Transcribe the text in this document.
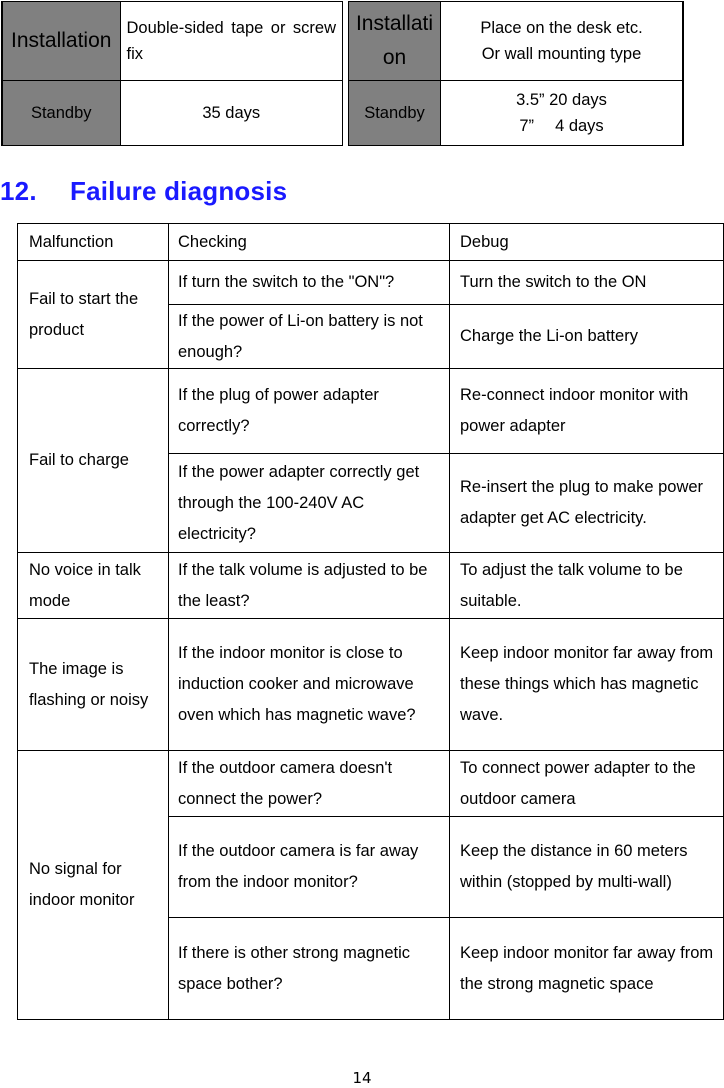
Installation	Double-sided tape or screw fix

Standby	35 days
Installation	Place on the desk etc.
Or wall mounting type

Standby	3.5” 20 days
7”　 4 days
12. Failure diagnosis
Malfunction	Checking	Debug
Fail to start the product	If turn the switch to the "ON"?	Turn the switch to the ON
	If the power of Li-on battery is not enough?	Charge the Li-on battery
Fail to charge	If the plug of power adapter correctly?	Re-connect indoor monitor with power adapter
	If the power adapter correctly get through the 100-240V AC electricity?	Re-insert the plug to make power adapter get AC electricity.
No voice in talk mode	If the talk volume is adjusted to be the least?	To adjust the talk volume to be suitable.
The image is flashing or noisy	If the indoor monitor is close to induction cooker and microwave oven which has magnetic wave?	Keep indoor monitor far away from these things which has magnetic wave.
No signal for indoor monitor	If the outdoor camera doesn't connect the power?	To connect power adapter to the outdoor camera
	If the outdoor camera is far away from the indoor monitor?	Keep the distance in 60 meters within (stopped by multi-wall)
	If there is other strong magnetic space bother?	Keep indoor monitor far away from the strong magnetic space
14
